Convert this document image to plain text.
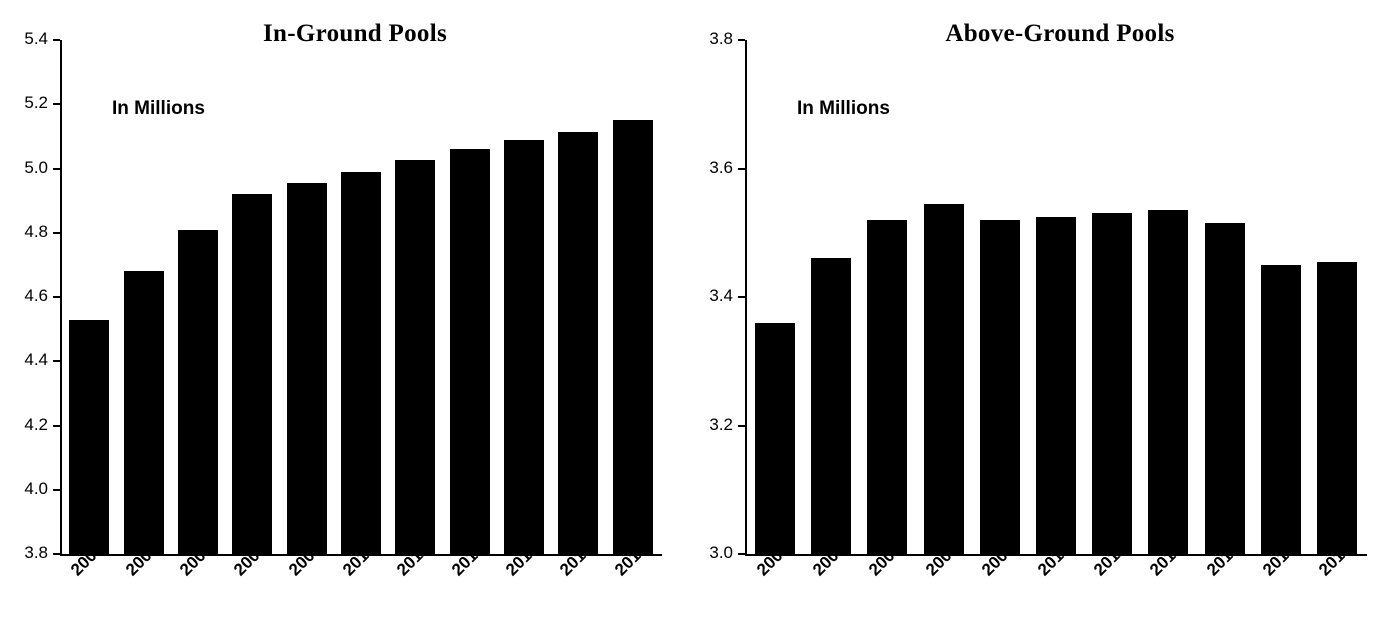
In-Ground Pools
In Millions
3.8
4.0
4.2
4.4
4.6
4.8
5.0
5.2
5.4
2005 2006 2007 2008 2009 2010 2011 2012 2013 2014 2015
Above-Ground Pools
In Millions
3.0
3.2
3.4
3.6
3.8
2005 2006 2007 2008 2009 2010 2011 2012 2013 2014 2015
